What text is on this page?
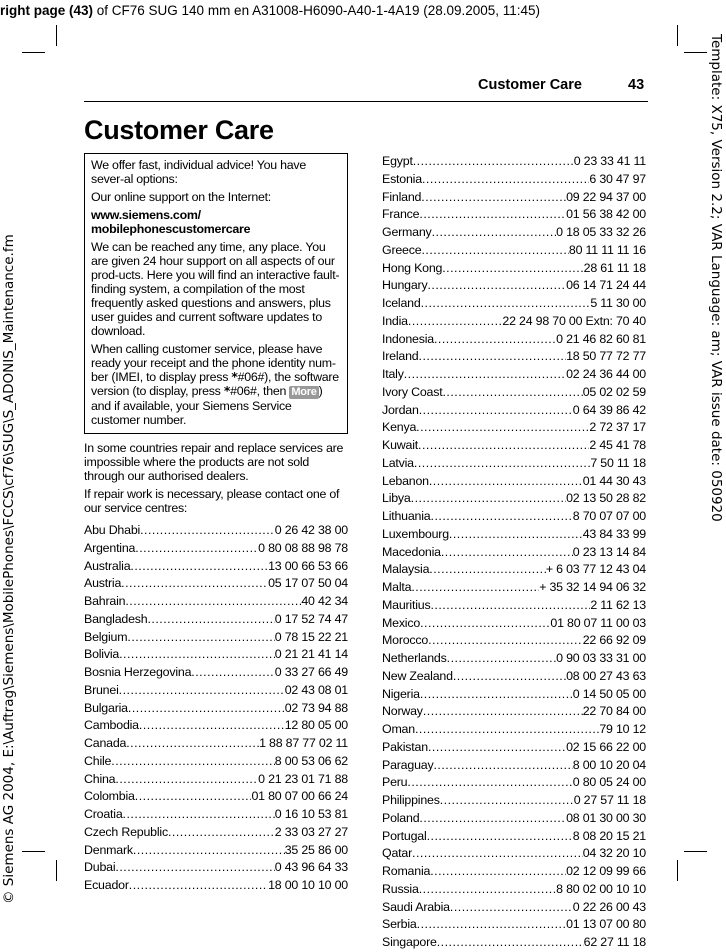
right page (43) of CF76 SUG 140 mm en A31008-H6090-A40-1-4A19 (28.09.2005, 11:45)
Template: X75, Version 2.2; VAR Language: am; VAR issue date: 050920
© Siemens AG 2004, E:\Auftrag\Siemens\MobilePhones\FCCS\cf76\SUG\S_ADONIS_Maintenance.fm
Customer Care	43
Customer Care

We offer fast, individual advice! You have sever-al options:

Our online support on the Internet:

www.siemens.com/
mobilephonescustomercare

We can be reached any time, any place. You are given 24 hour support on all aspects of our prod-ucts. Here you will find an interactive fault-finding system, a compilation of the most frequently asked questions and answers, plus user guides and current software updates to download.

When calling customer service, please have ready your receipt and the phone identity num-ber (IMEI, to display press *#06#), the software version (to display, press *#06#, then More ) and if available, your Siemens Service customer number.

In some countries repair and replace services are impossible where the products are not sold through our authorised dealers.

If repair work is necessary, please contact one of our service centres:

Abu Dhabi .....	0 26 42 38 00
Argentina .....	0 80 08 88 98 78
Australia .....	13 00 66 53 66
Austria .....	05 17 07 50 04
Bahrain .....	40 42 34
Bangladesh .....	0 17 52 74 47
Belgium .....	0 78 15 22 21
Bolivia .....	0 21 21 41 14
Bosnia Herzegovina .....	0 33 27 66 49
Brunei .....	02 43 08 01
Bulgaria .....	02 73 94 88
Cambodia .....	12 80 05 00
Canada .....	1 88 87 77 02 11
Chile .....	8 00 53 06 62
China .....	0 21 23 01 71 88
Colombia .....	01 80 07 00 66 24
Croatia .....	0 16 10 53 81
Czech Republic .....	2 33 03 27 27
Denmark .....	35 25 86 00
Dubai .....	0 43 96 64 33
Ecuador .....	18 00 10 10 00
Egypt .....	0 23 33 41 11
Estonia .....	6 30 47 97
Finland .....	09 22 94 37 00
France .....	01 56 38 42 00
Germany .....	0 18 05 33 32 26
Greece .....	80 11 11 11 16
Hong Kong .....	28 61 11 18
Hungary .....	06 14 71 24 44
Iceland .....	5 11 30 00
India .....	22 24 98 70 00 Extn: 70 40
Indonesia .....	0 21 46 82 60 81
Ireland .....	18 50 77 72 77
Italy .....	02 24 36 44 00
Ivory Coast .....	05 02 02 59
Jordan .....	0 64 39 86 42
Kenya .....	2 72 37 17
Kuwait .....	2 45 41 78
Latvia .....	7 50 11 18
Lebanon .....	01 44 30 43
Libya .....	02 13 50 28 82
Lithuania .....	8 70 07 07 00
Luxembourg .....	43 84 33 99
Macedonia .....	0 23 13 14 84
Malaysia .....	+ 6 03 77 12 43 04
Malta .....	+ 35 32 14 94 06 32
Mauritius .....	2 11 62 13
Mexico .....	01 80 07 11 00 03
Morocco .....	22 66 92 09
Netherlands .....	0 90 03 33 31 00
New Zealand .....	08 00 27 43 63
Nigeria .....	0 14 50 05 00
Norway .....	22 70 84 00
Oman .....	79 10 12
Pakistan .....	02 15 66 22 00
Paraguay .....	8 00 10 20 04
Peru .....	0 80 05 24 00
Philippines .....	0 27 57 11 18
Poland .....	08 01 30 00 30
Portugal .....	8 08 20 15 21
Qatar .....	04 32 20 10
Romania .....	02 12 09 99 66
Russia .....	8 80 02 00 10 10
Saudi Arabia .....	0 22 26 00 43
Serbia .....	01 13 07 00 80
Singapore .....	62 27 11 18
